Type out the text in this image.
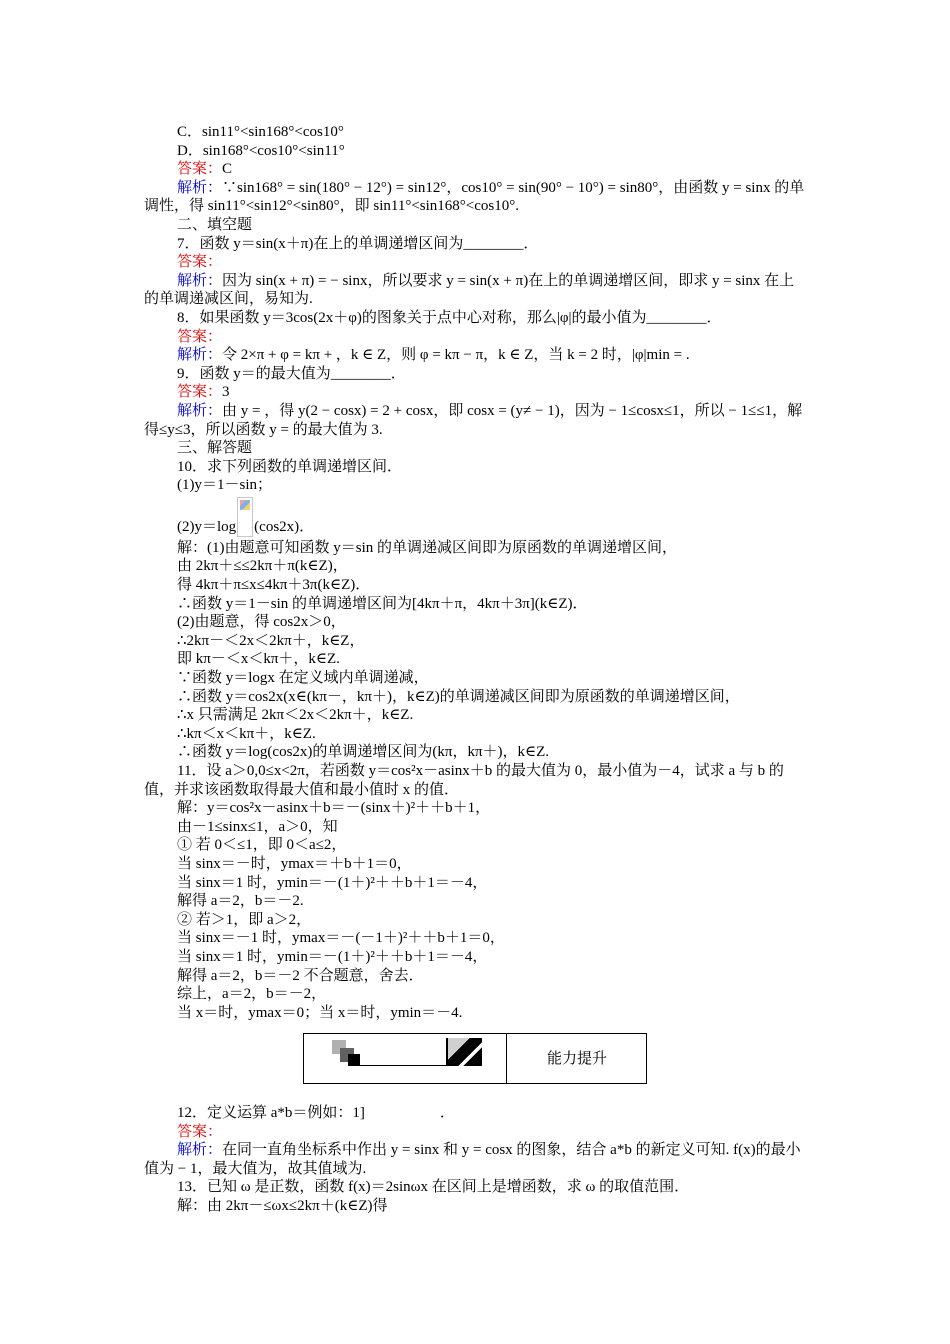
C．sin11°<sin168°<cos10°

D．sin168°<cos10°<sin11°

答案：C

解析：∵sin168° = sin(180° − 12°) = sin12°，cos10° = sin(90° − 10°) = sin80°，由函数 y = sinx 的单调性，得 sin11°<sin12°<sin80°，即 sin11°<sin168°<cos10°.

二、填空题

7．函数 y＝sin(x＋π)在上的单调递增区间为________．

答案：

解析：因为 sin(x + π) = − sinx，所以要求 y = sin(x + π)在上的单调递增区间，即求 y = sinx 在上的单调递减区间，易知为.

8．如果函数 y＝3cos(2x＋φ)的图象关于点中心对称，那么|φ|的最小值为________．

答案：

解析：令 2×π + φ = kπ + ，k ∈ Z，则 φ = kπ − π，k ∈ Z，当 k = 2 时，|φ|min = .

9．函数 y＝的最大值为________．

答案：3

解析：由 y = ，得 y(2 − cosx) = 2 + cosx，即 cosx = (y≠ − 1)，因为 − 1≤cosx≤1，所以 − 1≤≤1，解得≤y≤3，所以函数 y = 的最大值为 3.

三、解答题

10．求下列函数的单调递增区间．

(1)y＝1－sin；

(2)y＝log (cos2x)．

解：(1)由题意可知函数 y＝sin 的单调递减区间即为原函数的单调递增区间，

由 2kπ＋≤≤2kπ＋π(k∈Z)，

得 4kπ＋π≤x≤4kπ＋3π(k∈Z)．

∴函数 y＝1－sin 的单调递增区间为[4kπ＋π，4kπ＋3π](k∈Z)．

(2)由题意，得 cos2x＞0，

∴2kπ－＜2x＜2kπ＋，k∈Z，

即 kπ－＜x＜kπ＋，k∈Z.

∵函数 y＝logx 在定义域内单调递减，

∴函数 y＝cos2x(x∈(kπ－，kπ＋)，k∈Z)的单调递减区间即为原函数的单调递增区间，

∴x 只需满足 2kπ＜2x＜2kπ＋，k∈Z.

∴kπ＜x＜kπ＋，k∈Z.

∴函数 y＝log(cos2x)的单调递增区间为(kπ，kπ＋)，k∈Z.

11．设 a＞0,0≤x<2π，若函数 y＝cos²x－asinx＋b 的最大值为 0，最小值为－4，试求 a 与 b 的值，并求该函数取得最大值和最小值时 x 的值．

解：y＝cos²x－asinx＋b＝－(sinx＋)²＋＋b＋1，

由－1≤sinx≤1，a＞0，知

① 若 0＜≤1，即 0＜a≤2，

当 sinx＝－时，ymax＝＋b＋1＝0，

当 sinx＝1 时，ymin＝－(1＋)²＋＋b＋1＝－4，

解得 a＝2，b＝－2.

② 若＞1，即 a＞2，

当 sinx＝－1 时，ymax＝－(－1＋)²＋＋b＋1＝0，

当 sinx＝1 时，ymin＝－(1＋)²＋＋b＋1＝－4，

解得 a＝2，b＝－2 不合题意，舍去．

综上，a＝2，b＝－2，

当 x＝时，ymax＝0；当 x＝时，ymin＝－4.

能力提升

12．定义运算 a*b＝例如：1]　　　　　．

答案：

解析：在同一直角坐标系中作出 y = sinx 和 y = cosx 的图象，结合 a*b 的新定义可知. f(x)的最小值为 − 1，最大值为，故其值域为.

13．已知 ω 是正数，函数 f(x)＝2sinωx 在区间上是增函数，求 ω 的取值范围．

解：由 2kπ－≤ωx≤2kπ＋(k∈Z)得
